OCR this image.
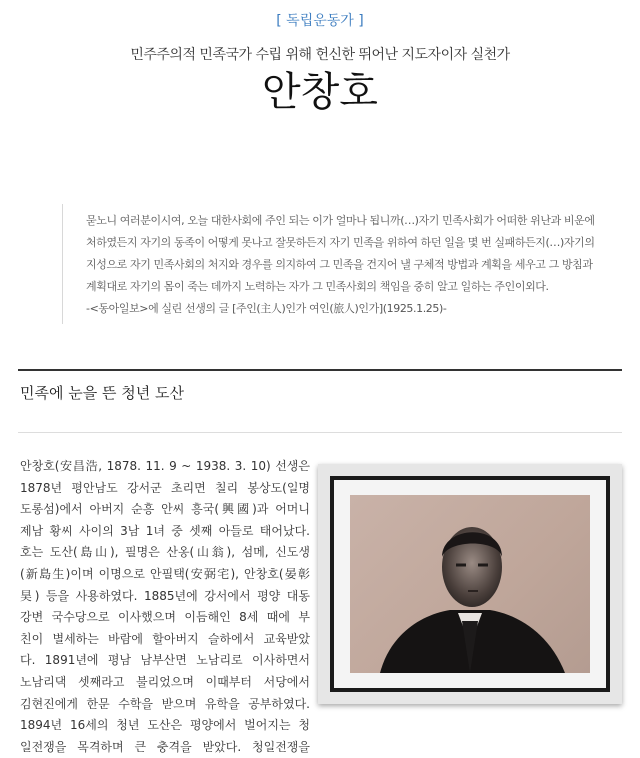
[ 독립운동가 ]
민주주의적 민족국가 수립 위해 헌신한 뛰어난 지도자이자 실천가
안창호
묻노니 여러분이시여, 오늘 대한사회에 주인 되는 이가 얼마나 됩니까(…)자기 민족사회가 어떠한 위난과 비운에
처하였든지 자기의 동족이 어떻게 못나고 잘못하든지 자기 민족을 위하여 하던 일을 몇 번 실패하든지(…)자기의
지성으로 자기 민족사회의 처지와 경우를 의지하여 그 민족을 건지어 낼 구체적 방법과 계획을 세우고 그 방침과
계획대로 자기의 몸이 죽는 데까지 노력하는 자가 그 민족사회의 책임을 중히 알고 일하는 주인이외다.
-<동아일보>에 실린 선생의 글 [주인(主人)인가 여인(旅人)인가](1925.1.25)-
민족에 눈을 뜬 청년 도산
안창호(安昌浩, 1878. 11. 9 ~ 1938. 3. 10) 선생은
1878년 평안남도 강서군 초리면 칠리 봉상도(일명
도롱섬)에서 아버지 순흥 안씨 흥국(興國)과 어머니
제남 황씨 사이의 3남 1녀 중 셋째 아들로 태어났다.
호는 도산(島山), 필명은 산옹(山翁), 섬메, 신도생
(新島生)이며 이명으로 안필택(安弼宅), 안창호(晏彰
昊) 등을 사용하였다. 1885년에 강서에서 평양 대동
강변 국수당으로 이사했으며 이듬해인 8세 때에 부
친이 별세하는 바람에 할아버지 슬하에서 교육받았
다. 1891년에 평남 남부산면 노남리로 이사하면서
노남리댁 셋째라고 불리었으며 이때부터 서당에서
김현진에게 한문 수학을 받으며 유학을 공부하였다.
1894년 16세의 청년 도산은 평양에서 벌어지는 청
일전쟁을 목격하며 큰 충격을 받았다. 청일전쟁을
